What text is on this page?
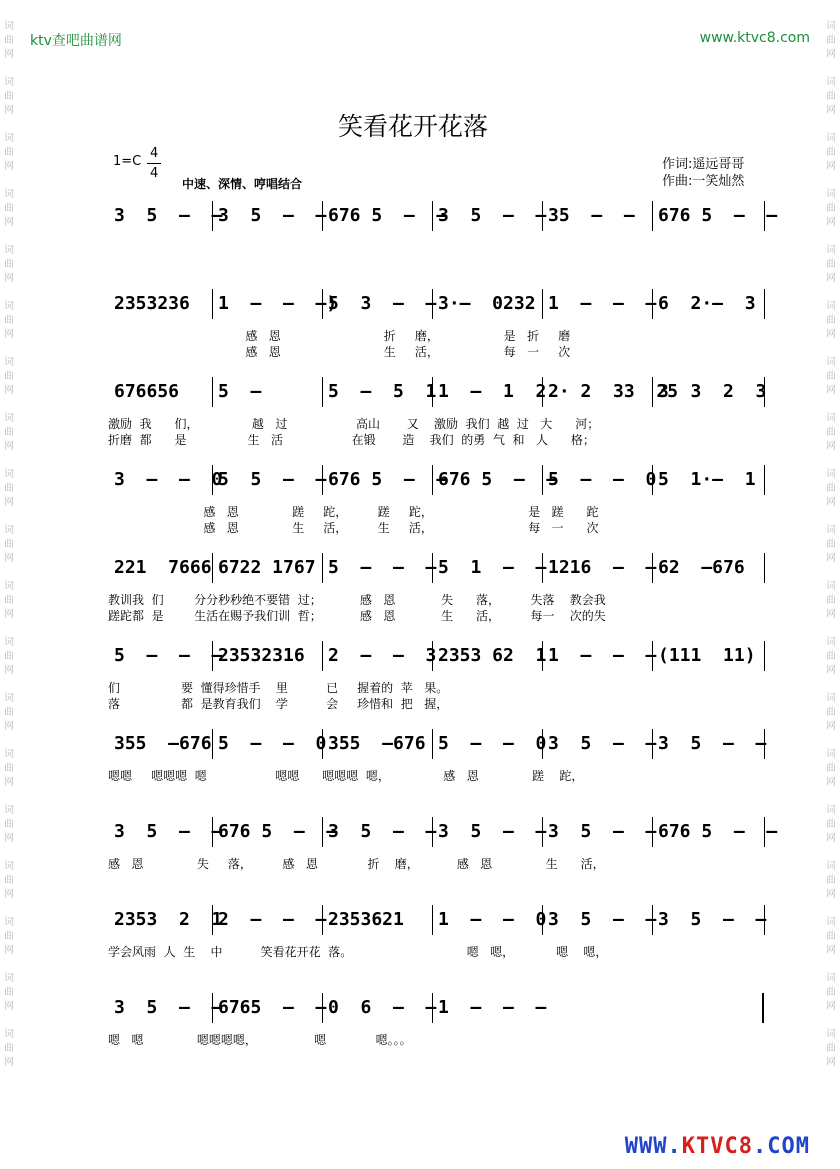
ktv查吧曲谱网	www.ktvc8.com
词
曲
网

词
曲
网

词
曲
网

词
曲
网

词
曲
网

词
曲
网

词
曲
网

词
曲
网

词
曲
网

词
曲
网

词
曲
网

词
曲
网

词
曲
网

词
曲
网

词
曲
网

词
曲
网

词
曲
网

词
曲
网

词
曲
网

词
曲
网

词
曲
网

词
曲
网

词
曲
网

词
曲
网

词
曲
网

词
曲
网

词
曲
网

词
曲
网

词
曲
网

词
曲
网

词
曲
网

词
曲
网

词
曲
网

词
曲
网

词
曲
网

词
曲
网

词
曲
网

词
曲
网

笑看花开花落
1=C
4
4
中速、深情、哼唱结合
作词:遥远哥哥
作曲:一笑灿然
3  5  –  –
3  5  –  – 676 5  –  –
3  5  –  – 35  –  – 676 5  –  –
2353236 1  –  –  –)
5  3  –  – 3·–  0232 1  –  –  – 6  2·–  3
感   恩                           折     磨，                 是   折     磨
感   恩                           生     活，                 每   一     次
676656 5  –	5  –  5  1 1  –  1  2 2· 2  33  25
3  3  2  3
激励  我      们，              越   过                  高山       又    激励  我们  越  过   大      河；
折磨  都      是                生   活                  在锻       造    我们  的勇  气  和   人      格；
3  –  –  0
5  5  –  – 676 5  –  –
676 5  –  –
5  –  –  0 5  1·–  1
感   恩              蹉     跎，        蹉     跎，                         是   蹉      跎
感   恩              生     活，        生     活，                         每   一      次
221  7666 6722 1767 5  –  –  – 5  1  –  – 1216  –  – 62  –676
教训我  们        分分秒秒绝不要错  过；          感   恩            失      落，        失落    教会我
蹉跎都  是        生活在赐予我们训  哲；          感   恩            生      活，        每一    次的失
5  –  –  –
23532316 2  –  –  3 2353 62  1 1  –  –  – (111  11)
们                要  懂得珍惜手    里          已     握着的  苹   果。
落                都  是教育我们    学          会     珍惜和  把   握，
355  –676 5  –  –  0 355  –676 5  –  –  0 3  5  –  – 3  5  –  –
嗯嗯     嗯嗯嗯  嗯                  嗯嗯      嗯嗯嗯  嗯，              感   恩              蹉    跎，
3  5  –  –
676 5  –  –
3  5  –  – 3  5  –  – 3  5  –  – 676 5  –  –
感   恩              失     落，        感   恩             折    磨，          感   恩              生      活，
2353  2  1
2  –  –  – 2353621 1  –  –  0 3  5  –  – 3  5  –  –
学会风雨  人  生    中          笑看花开花  落。                              嗯   嗯，           嗯    嗯，
3  5  –  –
6765  –  – 0  6  –  – 1  –  –  –
嗯   嗯              嗯嗯嗯嗯，               嗯             嗯。。。
WWW.KTVC8.COM
